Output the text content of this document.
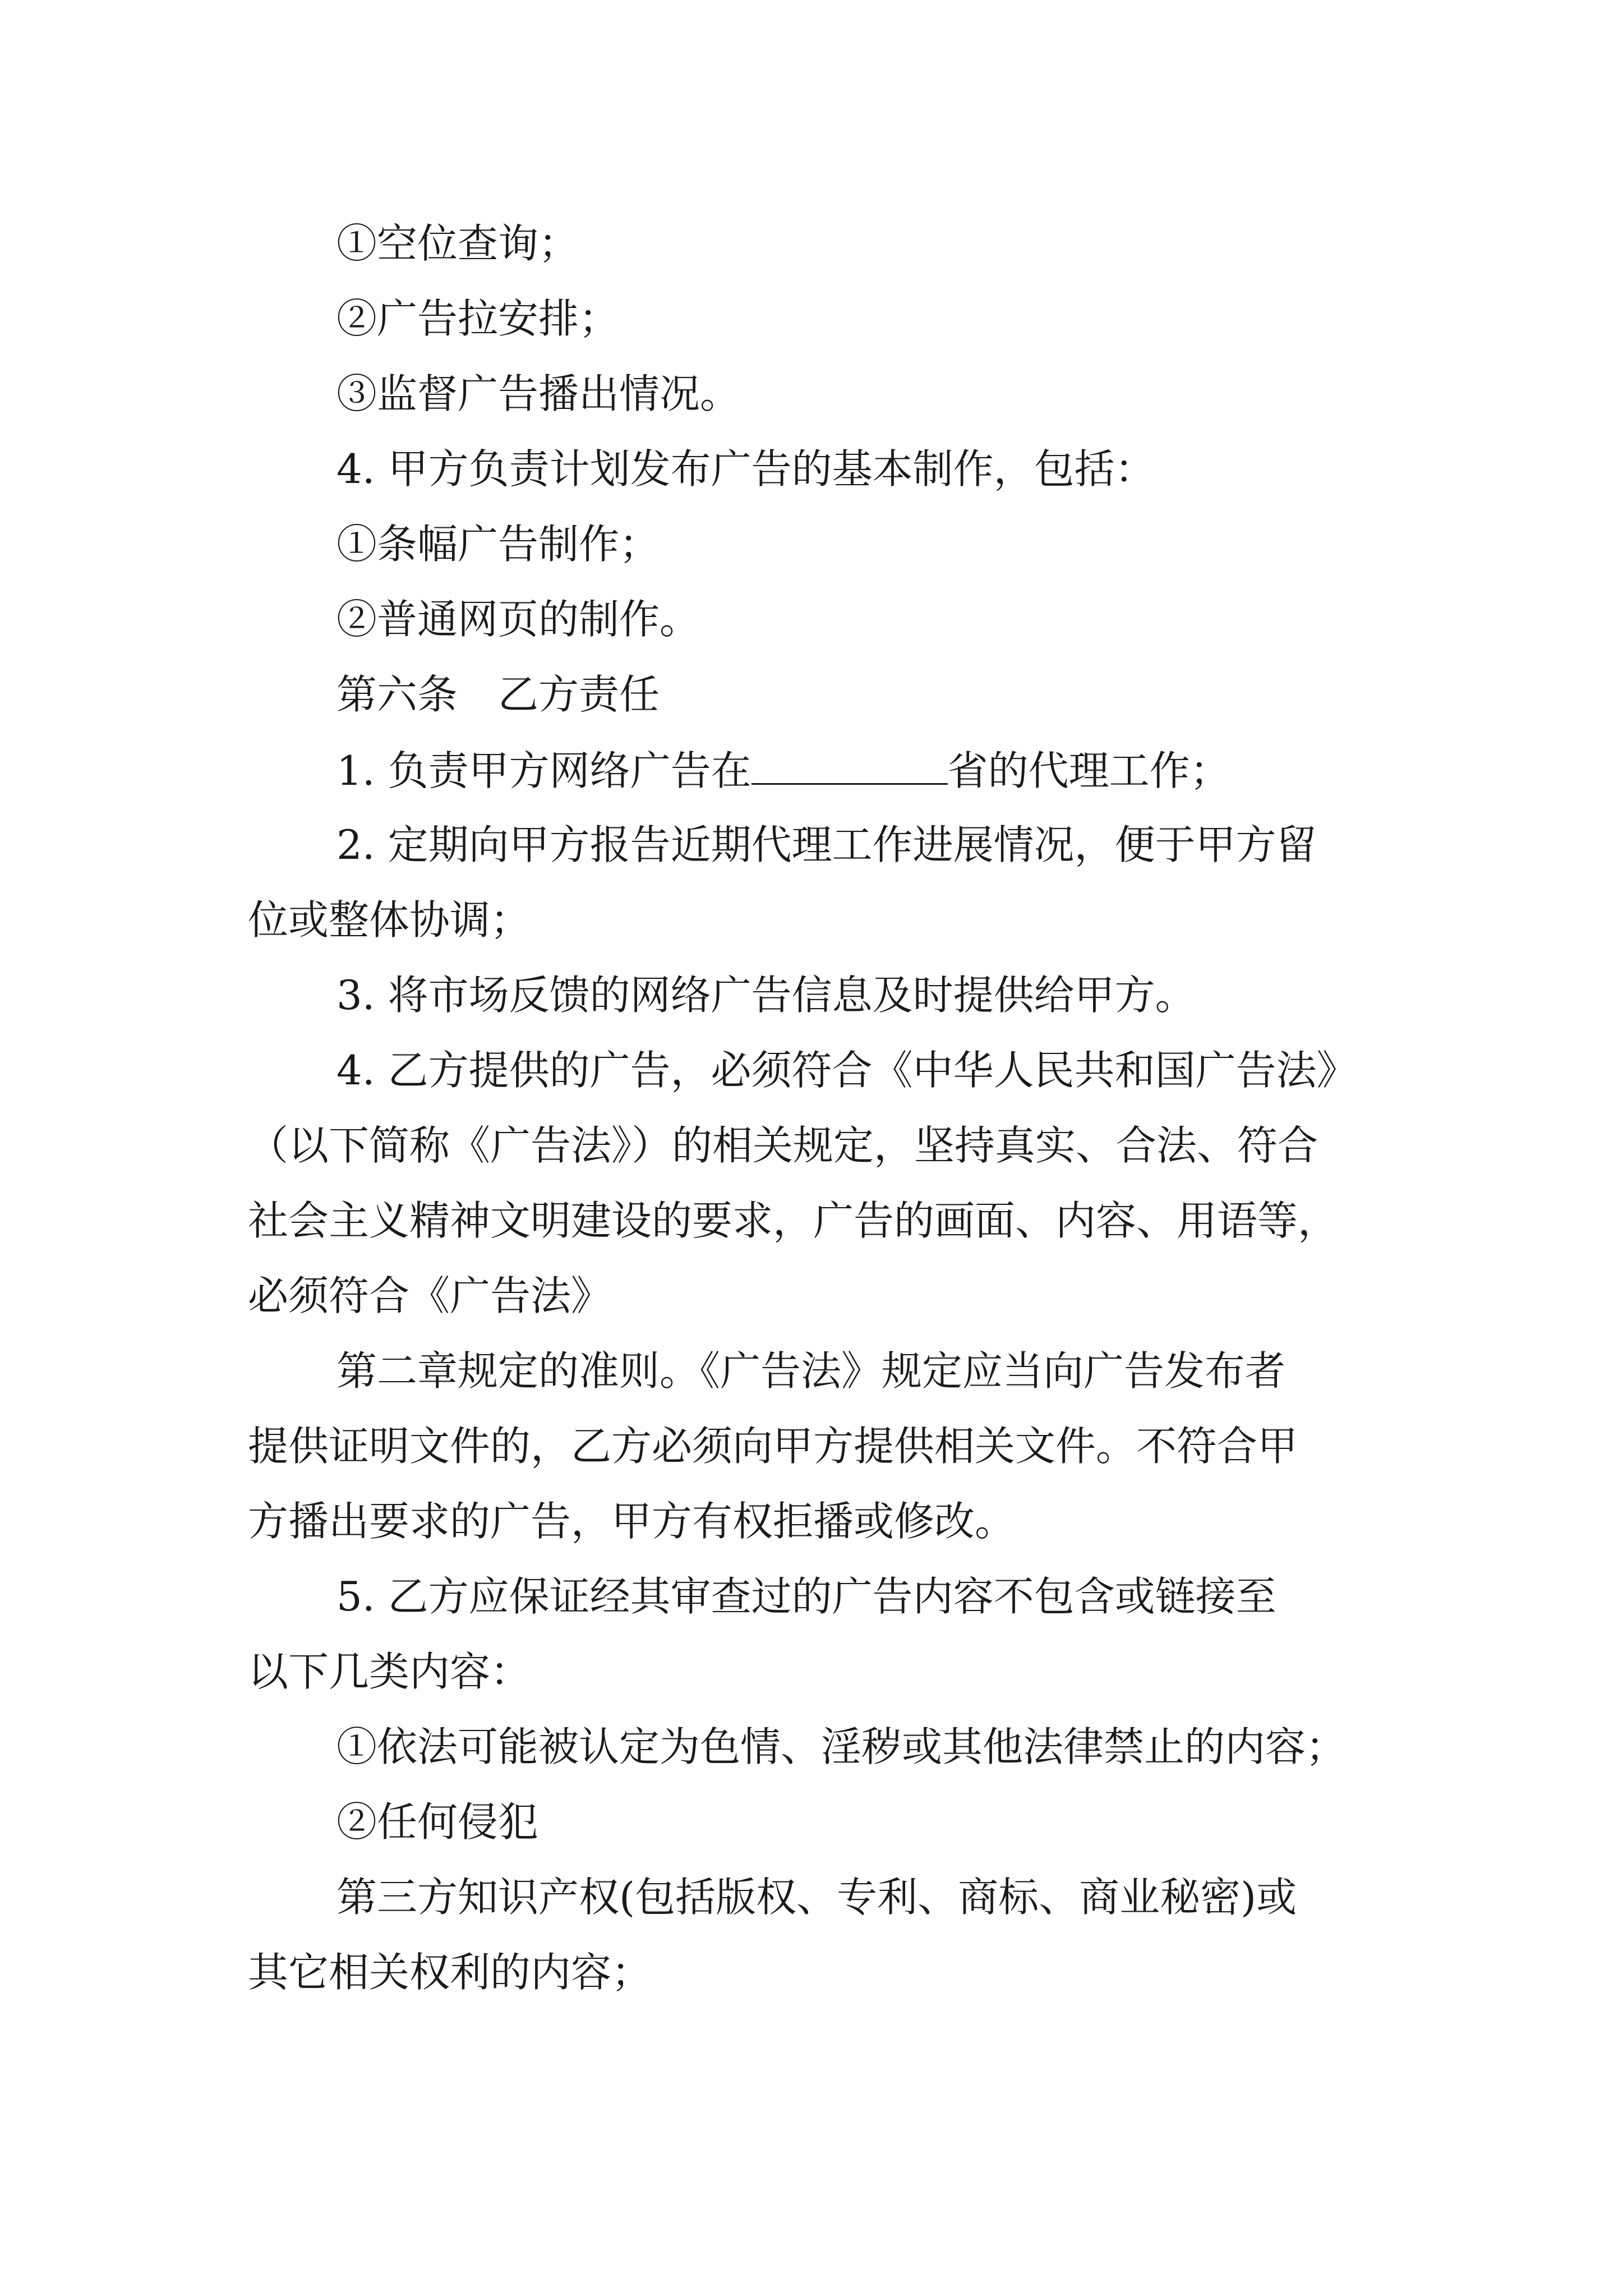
①空位查询；

②广告拉安排；

③监督广告播出情况。

4. 甲方负责计划发布广告的基本制作，包括：

①条幅广告制作；

②普通网页的制作。

第六条　乙方责任

1. 负责甲方网络广告在	省的代理工作；

2. 定期向甲方报告近期代理工作进展情况，便于甲方留

位或整体协调；

3. 将市场反馈的网络广告信息及时提供给甲方。

4. 乙方提供的广告，必须符合《中华人民共和国广告法》

（以下简称《广告法》）的相关规定，坚持真实、合法、符合

社会主义精神文明建设的要求，广告的画面、内容、用语等，

必须符合《广告法》

第二章规定的准则。《广告法》规定应当向广告发布者

提供证明文件的，乙方必须向甲方提供相关文件。不符合甲

方播出要求的广告，甲方有权拒播或修改。

5. 乙方应保证经其审查过的广告内容不包含或链接至

以下几类内容：

①依法可能被认定为色情、淫秽或其他法律禁止的内容；

②任何侵犯

第三方知识产权(包括版权、专利、商标、商业秘密)或

其它相关权利的内容；
